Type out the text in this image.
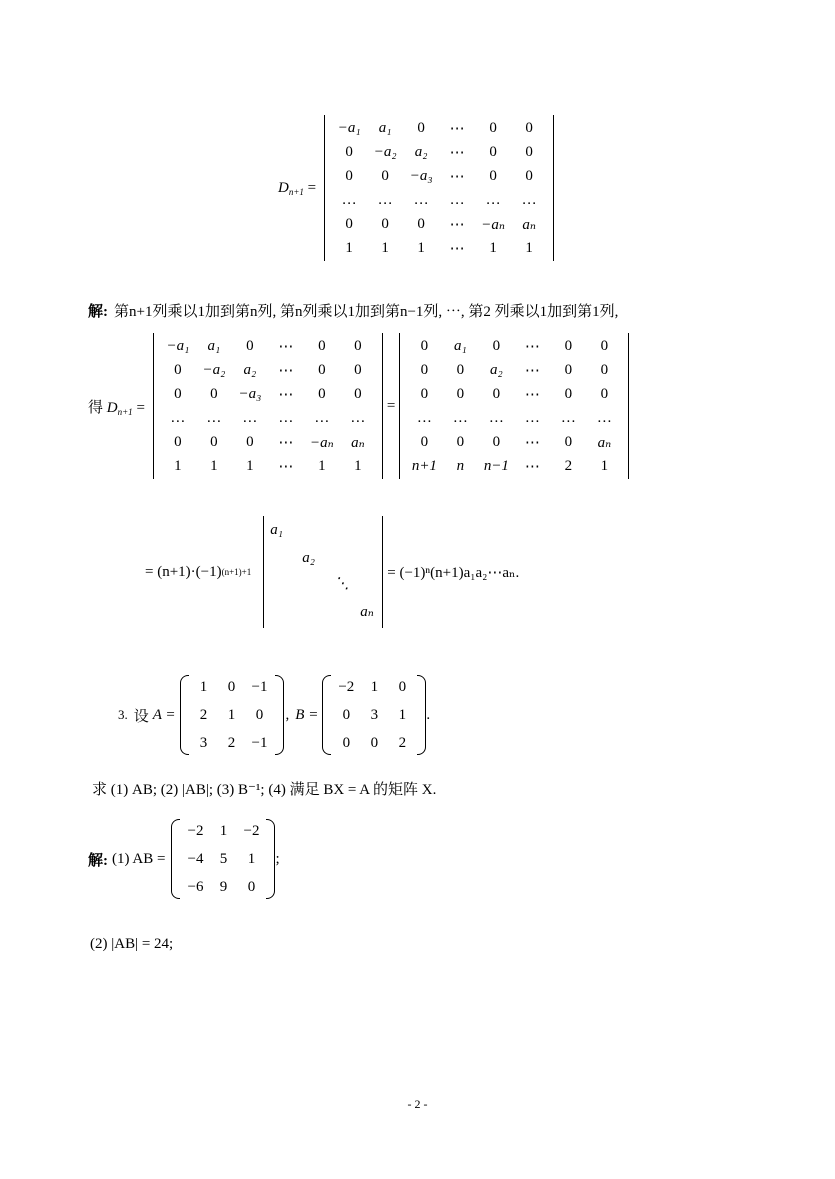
$D_{n+1}$ =
−a₁	a₁	0	⋯	0	0
0	−a₂	a₂	⋯	0	0
0	0	−a₃	⋯	0	0
…	…	…	…	…	…
0	0	0	⋯	−aₙ	aₙ
1	1	1	⋯	1	1
解: 第n+1列乘以1加到第n列, 第n列乘以1加到第n−1列, ⋯, 第2 列乘以1加到第1列,
得 $D_{n+1}$ =
−a₁	a₁	0	⋯	0	0
0	−a₂	a₂	⋯	0	0
0	0	−a₃	⋯	0	0
…	…	…	…	…	…
0	0	0	⋯	−aₙ	aₙ
1	1	1	⋯	1	1
=
0	a₁	0	⋯	0	0
0	0	a₂	⋯	0	0
0	0	0	⋯	0	0
…	…	…	…	…	…
0	0	0	⋯	0	aₙ
n+1	n	n−1	⋯	2	1
= (n+1)·(−1) (n+1)+1
a₁
a₂
⋱
aₙ
= (−1)ⁿ(n+1)a₁a₂⋯aₙ.
3. 设 A =
1	0	−1
2	1	0
3	2	−1
, B =
−2	1	0
0	3	1
0	0	2
.
求 (1) AB; (2) |AB|; (3) B⁻¹; (4) 满足 BX = A 的矩阵 X.
解: (1) AB =
−2	1	−2
−4	5	1
−6	9	0
;
(2) |AB| = 24;
- 2 -
